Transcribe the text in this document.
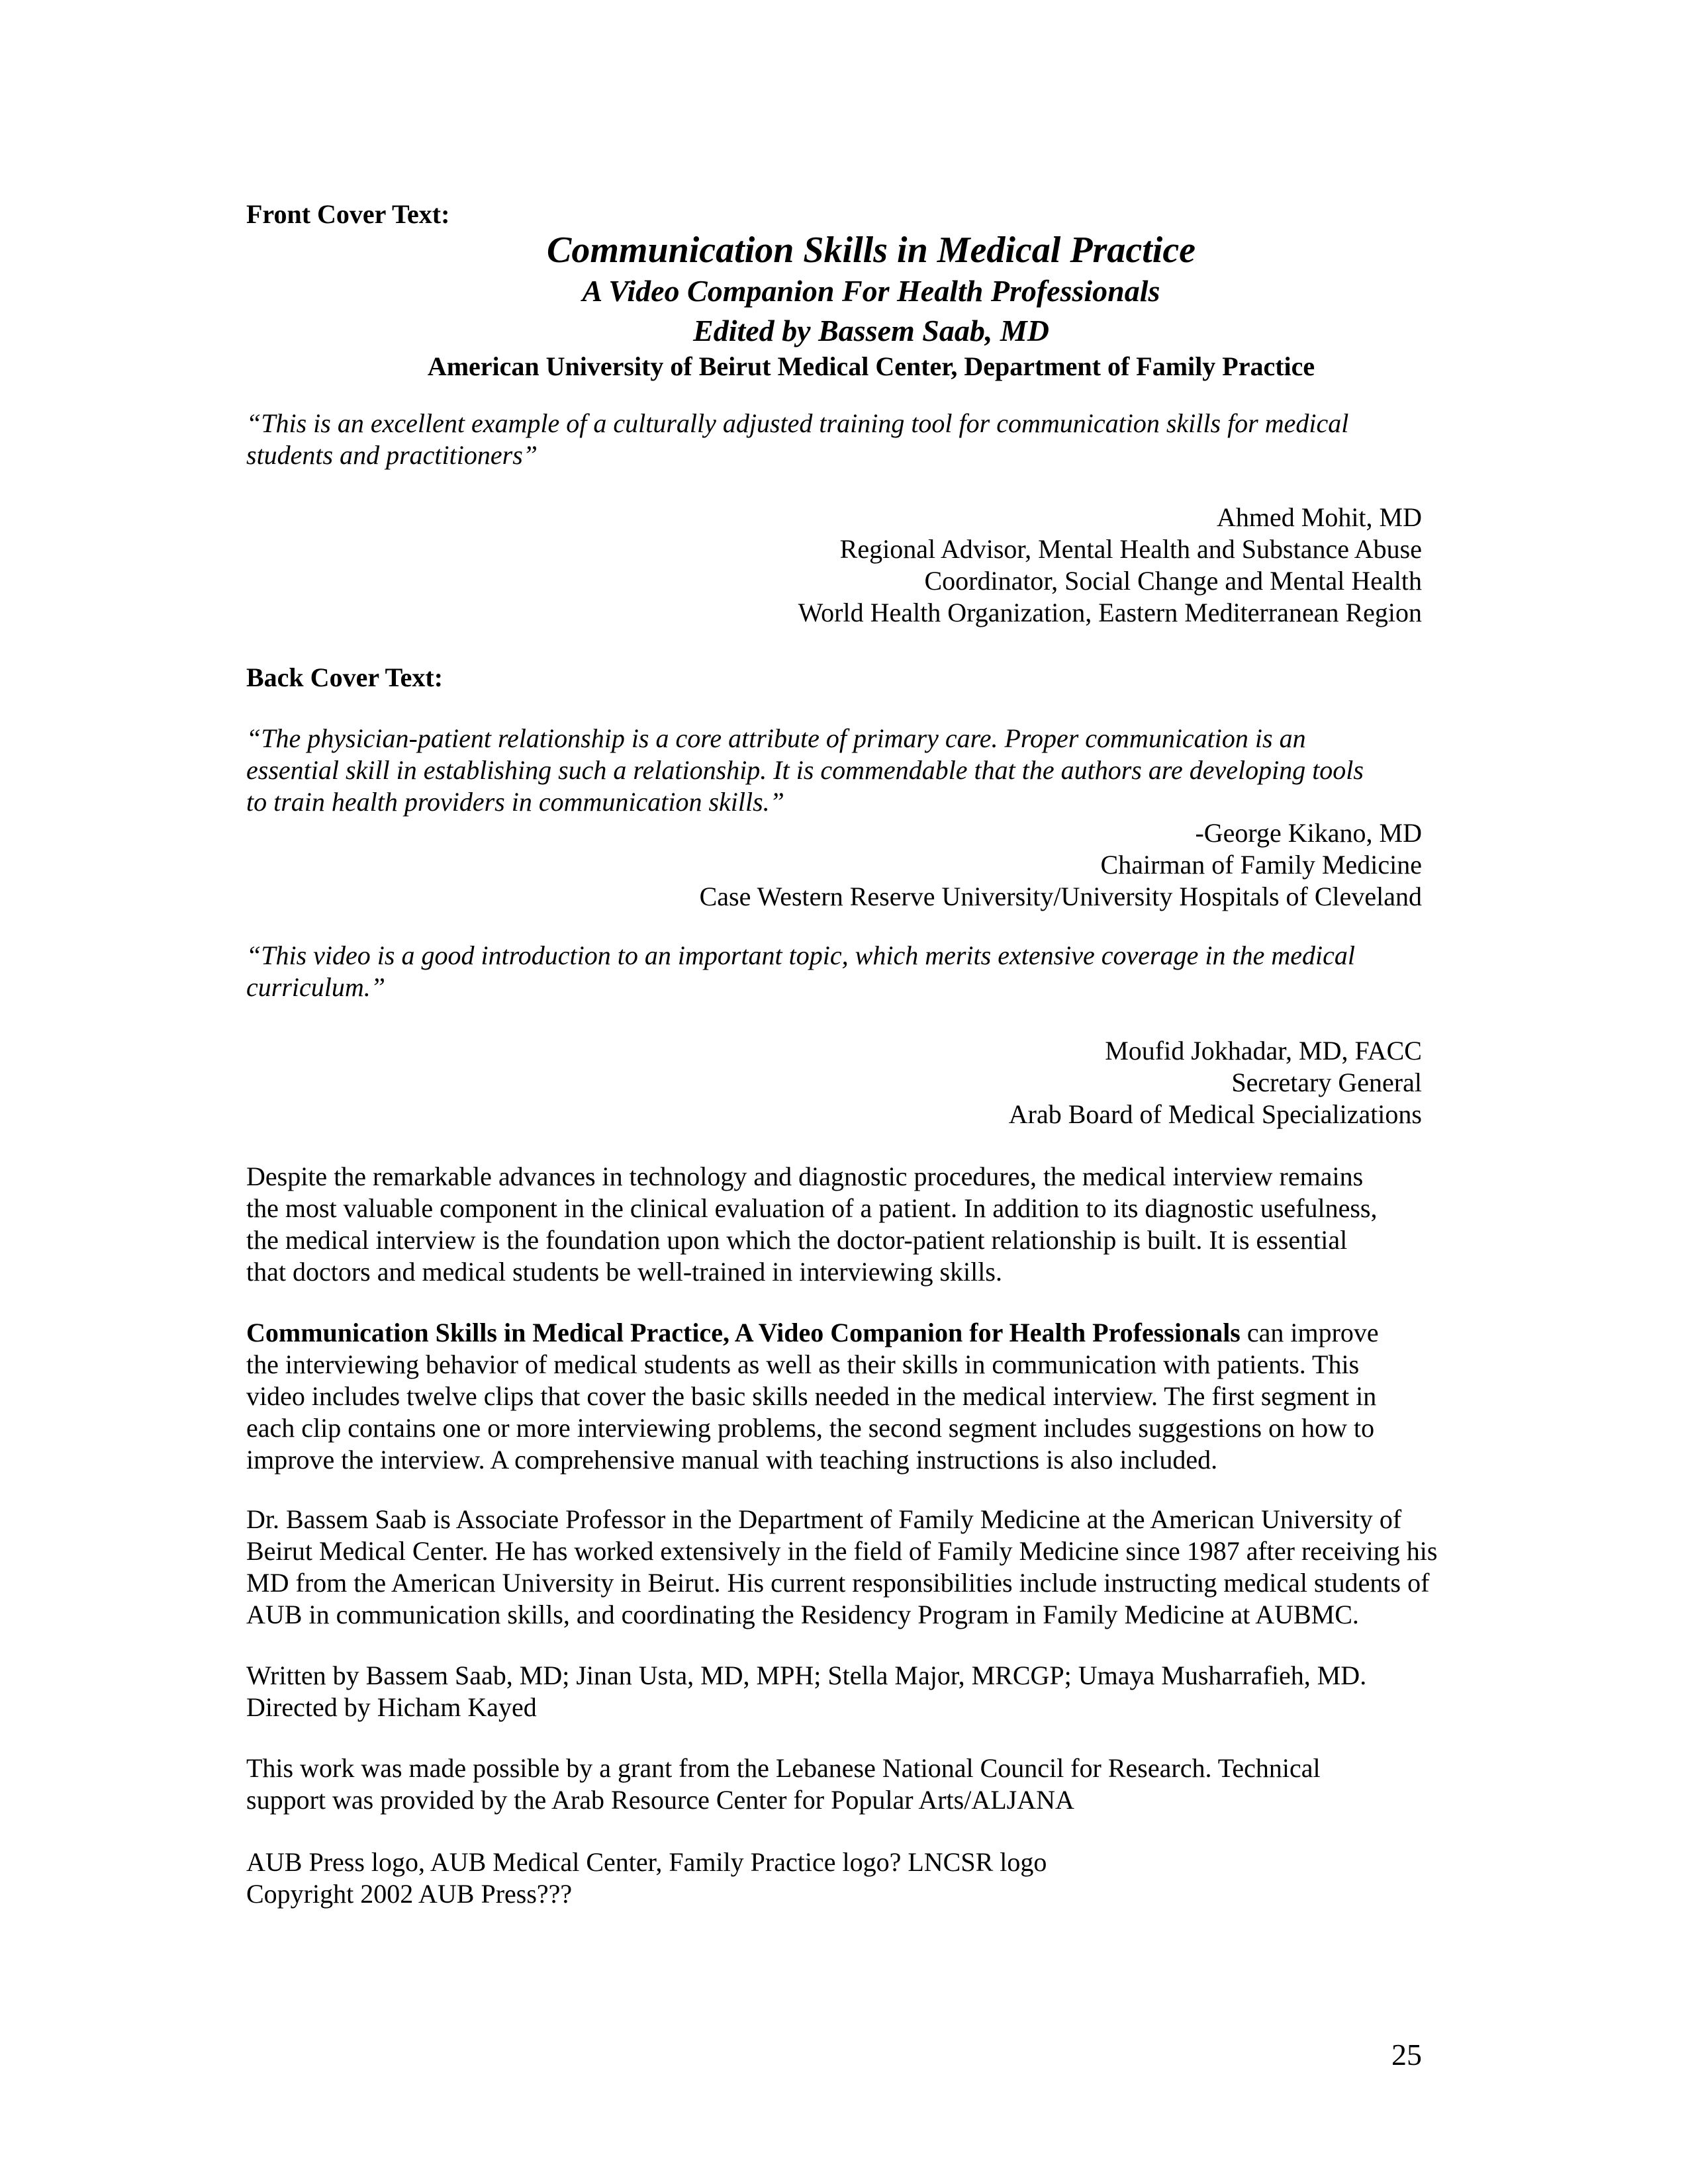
Front Cover Text:
Communication Skills in Medical Practice
A Video Companion For Health Professionals
Edited by Bassem Saab, MD
American University of Beirut Medical Center, Department of Family Practice
“This is an excellent example of a culturally adjusted training tool for communication skills for medical
students and practitioners”
Ahmed Mohit, MD
Regional Advisor, Mental Health and Substance Abuse
Coordinator, Social Change and Mental Health
World Health Organization, Eastern Mediterranean Region
Back Cover Text:
“The physician-patient relationship is a core attribute of primary care. Proper communication is an
essential skill in establishing such a relationship. It is commendable that the authors are developing tools
to train health providers in communication skills.”
-George Kikano, MD
Chairman of Family Medicine
Case Western Reserve University/University Hospitals of Cleveland
“This video is a good introduction to an important topic, which merits extensive coverage in the medical
curriculum.”
Moufid Jokhadar, MD, FACC
Secretary General
Arab Board of Medical Specializations
Despite the remarkable advances in technology and diagnostic procedures, the medical interview remains
the most valuable component in the clinical evaluation of a patient. In addition to its diagnostic usefulness,
the medical interview is the foundation upon which the doctor-patient relationship is built. It is essential
that doctors and medical students be well-trained in interviewing skills.
Communication Skills in Medical Practice, A Video Companion for Health Professionals can improve
the interviewing behavior of medical students as well as their skills in communication with patients. This
video includes twelve clips that cover the basic skills needed in the medical interview. The first segment in
each clip contains one or more interviewing problems, the second segment includes suggestions on how to
improve the interview. A comprehensive manual with teaching instructions is also included.
Dr. Bassem Saab is Associate Professor in the Department of Family Medicine at the American University of
Beirut Medical Center. He has worked extensively in the field of Family Medicine since 1987 after receiving his
MD from the American University in Beirut. His current responsibilities include instructing medical students of
AUB in communication skills, and coordinating the Residency Program in Family Medicine at AUBMC.
Written by Bassem Saab, MD; Jinan Usta, MD, MPH; Stella Major, MRCGP; Umaya Musharrafieh, MD.
Directed by Hicham Kayed
This work was made possible by a grant from the Lebanese National Council for Research. Technical
support was provided by the Arab Resource Center for Popular Arts/ALJANA
AUB Press logo, AUB Medical Center, Family Practice logo? LNCSR logo
Copyright 2002 AUB Press???
25
